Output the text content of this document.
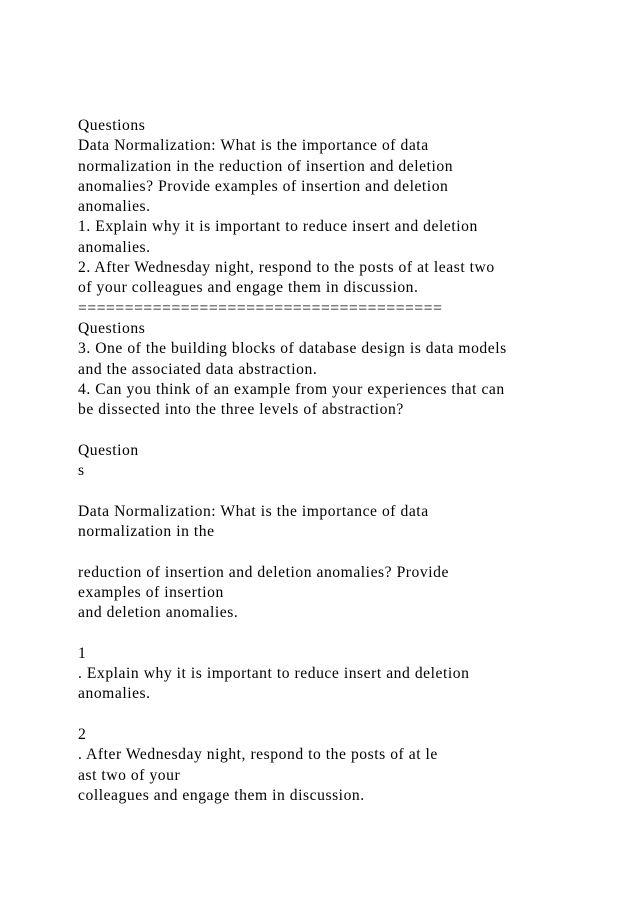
Questions
Data Normalization: What is the importance of data
normalization in the reduction of insertion and deletion
anomalies? Provide examples of insertion and deletion
anomalies.
1. Explain why it is important to reduce insert and deletion
anomalies.
2. After Wednesday night, respond to the posts of at least two
of your colleagues and engage them in discussion.
=======================================
Questions
3. One of the building blocks of database design is data models
and the associated data abstraction.
4. Can you think of an example from your experiences that can
be dissected into the three levels of abstraction?
Question
s
Data Normalization: What is the importance of data
normalization in the
reduction of insertion and deletion anomalies? Provide
examples of insertion
and deletion anomalies.
1
. Explain why it is important to reduce insert and deletion
anomalies.
2
. After Wednesday night, respond to the posts of at le
ast two of your
colleagues and engage them in discussion.
